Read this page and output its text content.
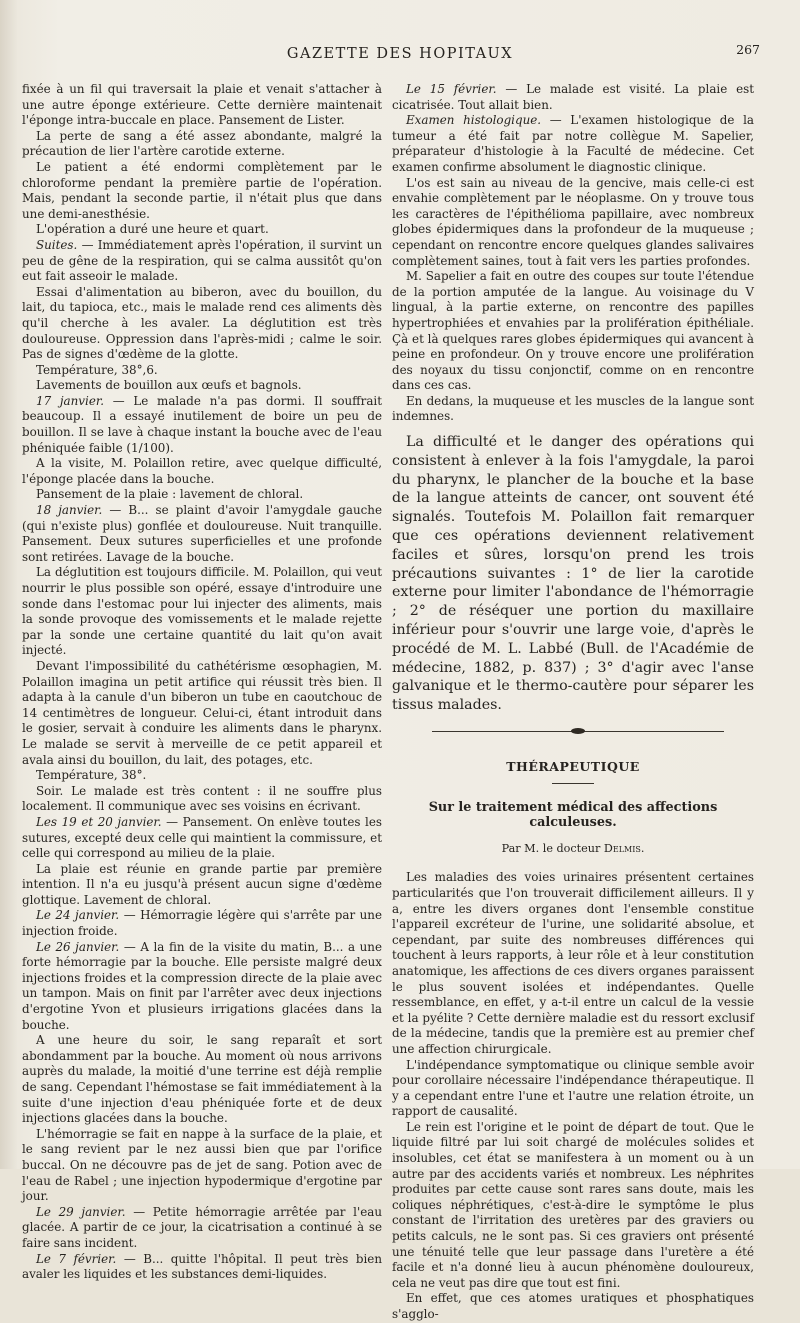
GAZETTE DES HOPITAUX	267

fixée à un fil qui traversait la plaie et venait s'attacher à une autre éponge extérieure. Cette dernière maintenait l'éponge intra-buccale en place. Pansement de Lister.

La perte de sang a été assez abondante, malgré la précaution de lier l'artère carotide externe.

Le patient a été endormi complètement par le chloroforme pendant la première partie de l'opération. Mais, pendant la seconde partie, il n'était plus que dans une demi-anesthésie.

L'opération a duré une heure et quart.

Suites. — Immédiatement après l'opération, il survint un peu de gêne de la respiration, qui se calma aussitôt qu'on eut fait asseoir le malade.

Essai d'alimentation au biberon, avec du bouillon, du lait, du tapioca, etc., mais le malade rend ces aliments dès qu'il cherche à les avaler. La déglutition est très douloureuse. Oppression dans l'après-midi ; calme le soir. Pas de signes d'œdème de la glotte.

Température, 38°,6.

Lavements de bouillon aux œufs et bagnols.

17 janvier. — Le malade n'a pas dormi. Il souffrait beaucoup. Il a essayé inutilement de boire un peu de bouillon. Il se lave à chaque instant la bouche avec de l'eau phéniquée faible (1/100).

A la visite, M. Polaillon retire, avec quelque difficulté, l'éponge placée dans la bouche.

Pansement de la plaie : lavement de chloral.

18 janvier. — B... se plaint d'avoir l'amygdale gauche (qui n'existe plus) gonflée et douloureuse. Nuit tranquille. Pansement. Deux sutures superficielles et une profonde sont retirées. Lavage de la bouche.

La déglutition est toujours difficile. M. Polaillon, qui veut nourrir le plus possible son opéré, essaye d'introduire une sonde dans l'estomac pour lui injecter des aliments, mais la sonde provoque des vomissements et le malade rejette par la sonde une certaine quantité du lait qu'on avait injecté.

Devant l'impossibilité du cathétérisme œsophagien, M. Polaillon imagina un petit artifice qui réussit très bien. Il adapta à la canule d'un biberon un tube en caoutchouc de 14 centimètres de longueur. Celui-ci, étant introduit dans le gosier, servait à conduire les aliments dans le pharynx. Le malade se servit à merveille de ce petit appareil et avala ainsi du bouillon, du lait, des potages, etc.

Température, 38°.

Soir. Le malade est très content : il ne souffre plus localement. Il communique avec ses voisins en écrivant.

Les 19 et 20 janvier. — Pansement. On enlève toutes les sutures, excepté deux celle qui maintient la commissure, et celle qui correspond au milieu de la plaie.

La plaie est réunie en grande partie par première intention. Il n'a eu jusqu'à présent aucun signe d'œdème glottique. Lavement de chloral.

Le 24 janvier. — Hémorragie légère qui s'arrête par une injection froide.

Le 26 janvier. — A la fin de la visite du matin, B... a une forte hémorragie par la bouche. Elle persiste malgré deux injections froides et la compression directe de la plaie avec un tampon. Mais on finit par l'arrêter avec deux injections d'ergotine Yvon et plusieurs irrigations glacées dans la bouche.

A une heure du soir, le sang reparaît et sort abondamment par la bouche. Au moment où nous arrivons auprès du malade, la moitié d'une terrine est déjà remplie de sang. Cependant l'hémostase se fait immédiatement à la suite d'une injection d'eau phéniquée forte et de deux injections glacées dans la bouche.

L'hémorragie se fait en nappe à la surface de la plaie, et le sang revient par le nez aussi bien que par l'orifice buccal. On ne découvre pas de jet de sang. Potion avec de l'eau de Rabel ; une injection hypodermique d'ergotine par jour.

Le 29 janvier. — Petite hémorragie arrêtée par l'eau glacée. A partir de ce jour, la cicatrisation a continué à se faire sans incident.

Le 7 février. — B... quitte l'hôpital. Il peut très bien avaler les liquides et les substances demi-liquides.

Le 15 février. — Le malade est visité. La plaie est cicatrisée. Tout allait bien.

Examen histologique. — L'examen histologique de la tumeur a été fait par notre collègue M. Sapelier, préparateur d'histologie à la Faculté de médecine. Cet examen confirme absolument le diagnostic clinique.

L'os est sain au niveau de la gencive, mais celle-ci est envahie complètement par le néoplasme. On y trouve tous les caractères de l'épithélioma papillaire, avec nombreux globes épidermiques dans la profondeur de la muqueuse ; cependant on rencontre encore quelques glandes salivaires complètement saines, tout à fait vers les parties profondes.

M. Sapelier a fait en outre des coupes sur toute l'étendue de la portion amputée de la langue. Au voisinage du V lingual, à la partie externe, on rencontre des papilles hypertrophiées et envahies par la prolifération épithéliale. Çà et là quelques rares globes épidermiques qui avancent à peine en profondeur. On y trouve encore une prolifération des noyaux du tissu conjonctif, comme on en rencontre dans ces cas.

En dedans, la muqueuse et les muscles de la langue sont indemnes.

La difficulté et le danger des opérations qui consistent à enlever à la fois l'amygdale, la paroi du pharynx, le plancher de la bouche et la base de la langue atteints de cancer, ont souvent été signalés. Toutefois M. Polaillon fait remarquer que ces opérations deviennent relativement faciles et sûres, lorsqu'on prend les trois précautions suivantes : 1° de lier la carotide externe pour limiter l'abondance de l'hémorragie ; 2° de réséquer une portion du maxillaire inférieur pour s'ouvrir une large voie, d'après le procédé de M. L. Labbé (Bull. de l'Académie de médecine, 1882, p. 837) ; 3° d'agir avec l'anse galvanique et le thermo-cautère pour séparer les tissus malades.

THÉRAPEUTIQUE
Sur le traitement médical des affections calculeuses.
Par M. le docteur Delmis.

Les maladies des voies urinaires présentent certaines particularités que l'on trouverait difficilement ailleurs. Il y a, entre les divers organes dont l'ensemble constitue l'appareil excréteur de l'urine, une solidarité absolue, et cependant, par suite des nombreuses différences qui touchent à leurs rapports, à leur rôle et à leur constitution anatomique, les affections de ces divers organes paraissent le plus souvent isolées et indépendantes. Quelle ressemblance, en effet, y a-t-il entre un calcul de la vessie et la pyélite ? Cette dernière maladie est du ressort exclusif de la médecine, tandis que la première est au premier chef une affection chirurgicale.

L'indépendance symptomatique ou clinique semble avoir pour corollaire nécessaire l'indépendance thérapeutique. Il y a cependant entre l'une et l'autre une relation étroite, un rapport de causalité.

Le rein est l'origine et le point de départ de tout. Que le liquide filtré par lui soit chargé de molécules solides et insolubles, cet état se manifestera à un moment ou à un autre par des accidents variés et nombreux. Les néphrites produites par cette cause sont rares sans doute, mais les coliques néphrétiques, c'est-à-dire le symptôme le plus constant de l'irritation des uretères par des graviers ou petits calculs, ne le sont pas. Si ces graviers ont présenté une ténuité telle que leur passage dans l'uretère a été facile et n'a donné lieu à aucun phénomène douloureux, cela ne veut pas dire que tout est fini.

En effet, que ces atomes uratiques et phosphatiques s'agglo-
